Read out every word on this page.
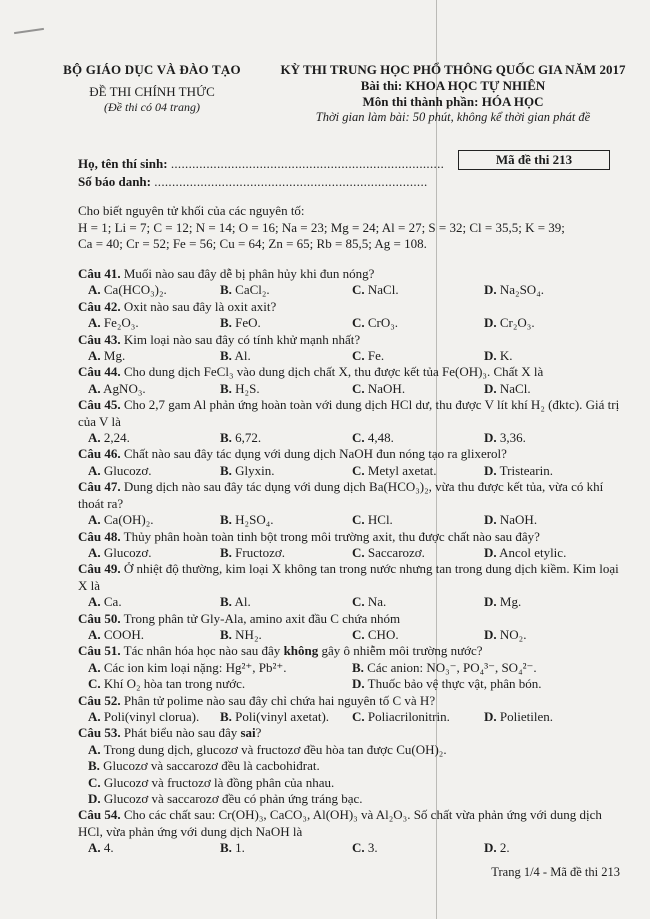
BỘ GIÁO DỤC VÀ ĐÀO TẠO
ĐỀ THI CHÍNH THỨC
(Đề thi có 04 trang)
KỲ THI TRUNG HỌC PHỔ THÔNG QUỐC GIA NĂM 2017
Bài thi: KHOA HỌC TỰ NHIÊN
Môn thi thành phần: HÓA HỌC
Thời gian làm bài: 50 phút, không kể thời gian phát đề
Họ, tên thí sinh: .............................................................................
Số báo danh: .............................................................................
Mã đề thi 213
Cho biết nguyên tử khối của các nguyên tố:
H = 1; Li = 7; C = 12; N = 14; O = 16; Na = 23; Mg = 24; Al = 27; S = 32; Cl = 35,5; K = 39;
Ca = 40; Cr = 52; Fe = 56; Cu = 64; Zn = 65; Rb = 85,5; Ag = 108.
Câu 41. Muối nào sau đây dễ bị phân hủy khi đun nóng?
A. Ca(HCO₃)₂.	B. CaCl₂.	C. NaCl.	D. Na₂SO₄.
Câu 42. Oxit nào sau đây là oxit axit?
A. Fe₂O₃.	B. FeO.	C. CrO₃.	D. Cr₂O₃.
Câu 43. Kim loại nào sau đây có tính khử mạnh nhất?
A. Mg.	B. Al.	C. Fe.	D. K.
Câu 44. Cho dung dịch FeCl₃ vào dung dịch chất X, thu được kết tủa Fe(OH)₃. Chất X là
A. AgNO₃.	B. H₂S.	C. NaOH.	D. NaCl.
Câu 45. Cho 2,7 gam Al phản ứng hoàn toàn với dung dịch HCl dư, thu được V lít khí H₂ (đktc). Giá trị của V là
A. 2,24.	B. 6,72.	C. 4,48.	D. 3,36.
Câu 46. Chất nào sau đây tác dụng với dung dịch NaOH đun nóng tạo ra glixerol?
A. Glucozơ.	B. Glyxin.	C. Metyl axetat.	D. Tristearin.
Câu 47. Dung dịch nào sau đây tác dụng với dung dịch Ba(HCO₃)₂, vừa thu được kết tủa, vừa có khí thoát ra?
A. Ca(OH)₂.	B. H₂SO₄.	C. HCl.	D. NaOH.
Câu 48. Thủy phân hoàn toàn tinh bột trong môi trường axit, thu được chất nào sau đây?
A. Glucozơ.	B. Fructozơ.	C. Saccarozơ.	D. Ancol etylic.
Câu 49. Ở nhiệt độ thường, kim loại X không tan trong nước nhưng tan trong dung dịch kiềm. Kim loại X là
A. Ca.	B. Al.	C. Na.	D. Mg.
Câu 50. Trong phân tử Gly-Ala, amino axit đầu C chứa nhóm
A. COOH.	B. NH₂.	C. CHO.	D. NO₂.
Câu 51. Tác nhân hóa học nào sau đây không gây ô nhiễm môi trường nước?
A. Các ion kim loại nặng: Hg²⁺, Pb²⁺.	B. Các anion: NO₃⁻, PO₄³⁻, SO₄²⁻.
C. Khí O₂ hòa tan trong nước.	D. Thuốc bảo vệ thực vật, phân bón.
Câu 52. Phân tử polime nào sau đây chỉ chứa hai nguyên tố C và H?
A. Poli(vinyl clorua).	B. Poli(vinyl axetat).	C. Poliacrilonitrin.	D. Polietilen.
Câu 53. Phát biểu nào sau đây sai?
A. Trong dung dịch, glucozơ và fructozơ đều hòa tan được Cu(OH)₂.
B. Glucozơ và saccarozơ đều là cacbohiđrat.
C. Glucozơ và fructozơ là đồng phân của nhau.
D. Glucozơ và saccarozơ đều có phản ứng tráng bạc.
Câu 54. Cho các chất sau: Cr(OH)₃, CaCO₃, Al(OH)₃ và Al₂O₃. Số chất vừa phản ứng với dung dịch HCl, vừa phản ứng với dung dịch NaOH là
A. 4.	B. 1.	C. 3.	D. 2.
Trang 1/4 - Mã đề thi 213
